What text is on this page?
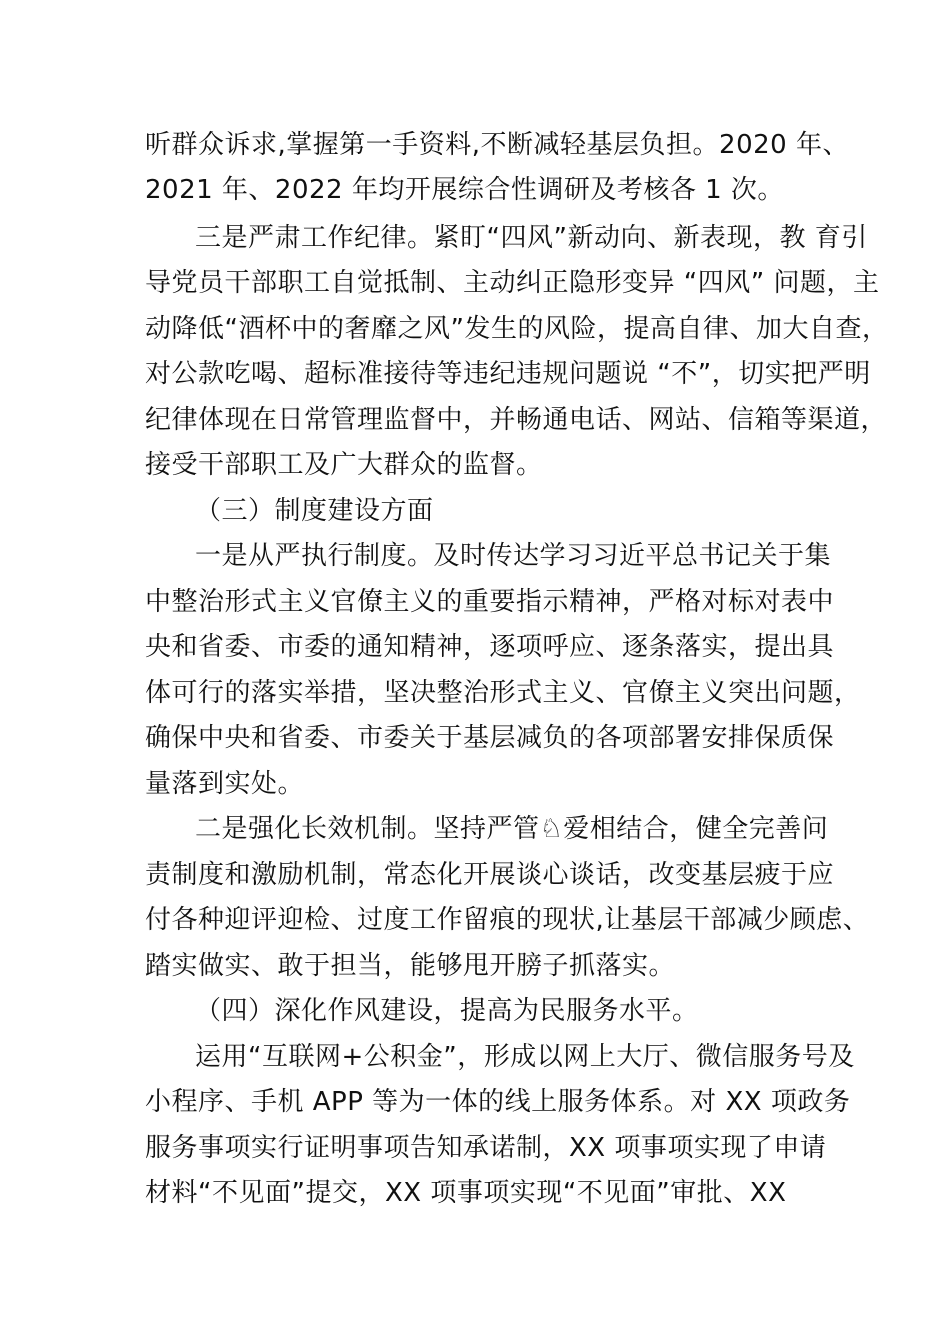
听群众诉求,掌握第一手资料,不断减轻基层负担。2020 年、
2021 年、2022 年均开展综合性调研及考核各 1 次。
三是严肃工作纪律。紧盯“四风”新动向、新表现，教 育引
导党员干部职工自觉抵制、主动纠正隐形变异 “四风” 问题，主
动降低“酒杯中的奢靡之风”发生的风险，提高自律、加大自查，
对公款吃喝、超标准接待等违纪违规问题说 “不”，切实把严明
纪律体现在日常管理监督中，并畅通电话、网站、信箱等渠道，
接受干部职工及广大群众的监督。
（三）制度建设方面
一是从严执行制度。及时传达学习习近平总书记关于集
中整治形式主义官僚主义的重要指示精神，严格对标对表中
央和省委、市委的通知精神，逐项呼应、逐条落实，提出具
体可行的落实举措，坚决整治形式主义、官僚主义突出问题，
确保中央和省委、市委关于基层减负的各项部署安排保质保
量落到实处。
二是强化长效机制。坚持严管♘爱相结合，健全完善问
责制度和激励机制，常态化开展谈心谈话，改变基层疲于应
付各种迎评迎检、过度工作留痕的现状,让基层干部减少顾虑、
踏实做实、敢于担当，能够甩开膀子抓落实。
（四）深化作风建设，提高为民服务水平。
运用“互联网+公积金”，形成以网上大厅、微信服务号及
小程序、手机 APP 等为一体的线上服务体系。对 XX 项政务
服务事项实行证明事项告知承诺制，XX 项事项实现了申请
材料“不见面”提交，XX 项事项实现“不见面”审批、XX
